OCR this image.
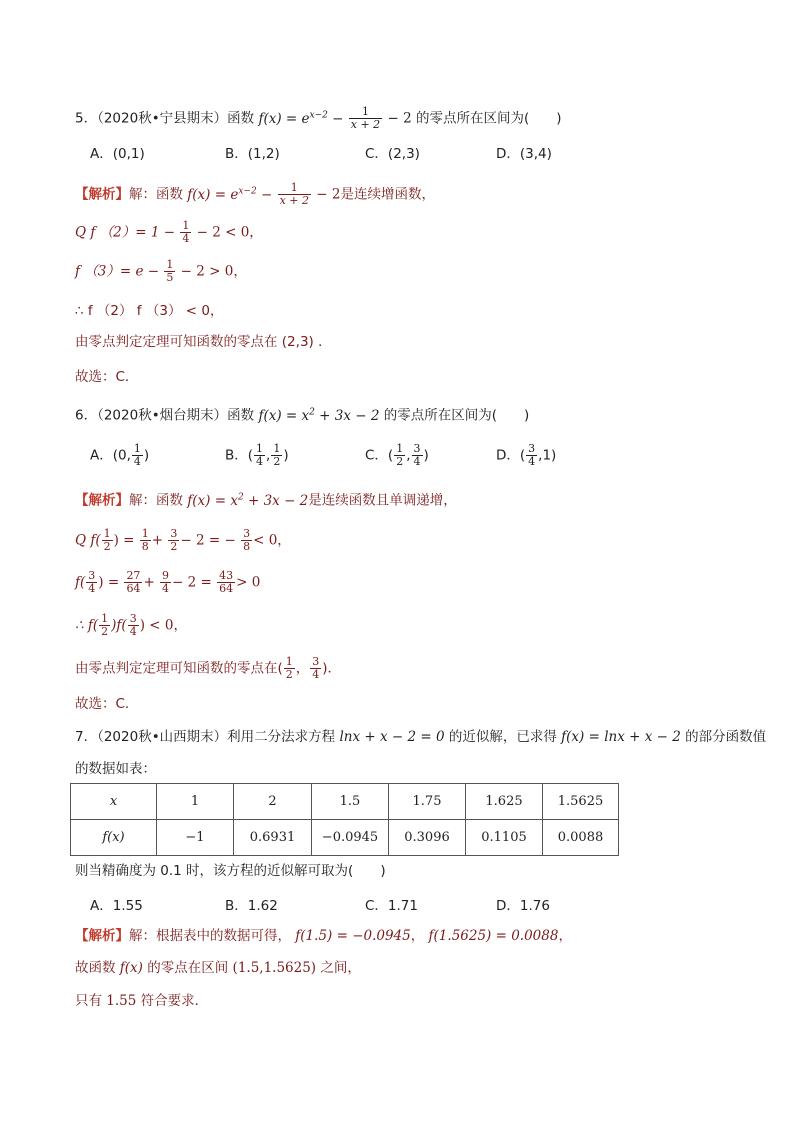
5．（2020秋•宁县期末）函数 $f(x) = e^{x-2} - \frac{1}{x + 2} - 2$ 的零点所在区间为(　　)
A．(0,1)	B．(1,2)	C．(2,3)	D．(3,4)
【解析】解：函数 $f(x) = e^{x-2} - \frac{1}{x + 2} - 2$是连续增函数，
Q f $(2)= 1 - \frac{1}{4} - 2 < 0$，
f $(3)= e - \frac{1}{5} - 2 > 0$，
∴ f （2） f （3） < 0，
由零点判定定理可知函数的零点在 (2,3) ．
故选：C．
6．（2020秋•烟台期末）函数 $f(x) = x^2 + 3x - 2$ 的零点所在区间为(　　)
A．(0, $\frac{1}{4}$ )	B．( $\frac{1}{4}$ , $\frac{1}{2}$ )	C．( $\frac{1}{2}$ , $\frac{3}{4}$ )	D．( $\frac{3}{4} ,1$)
【解析】解：函数 $f(x) = x^2 + 3x - 2$是连续函数且单调递增，
Q $f( \frac{1}{2}$ ) = $\frac{1}{8} + \frac{3}{2} - 2$ = − $\frac{3}{8} < 0$，
$f( \frac{3}{4}$ ) = $\frac{27}{64} + \frac{9}{4} - 2 = \frac{43}{64} > 0$
∴ $f( \frac{1}{2} )f( \frac{3}{4}$ ) < 0，
由零点判定定理可知函数的零点在( $\frac{1}{2}$ ， $\frac{3}{4}$ )．
故选：C．
7．（2020秋•山西期末）利用二分法求方程 lnx + x − 2 = 0 的近似解，已求得 f(x) = lnx + x − 2 的部分函数值
的数据如表：
x	1	2	1.5	1.75	1.625	1.5625
f(x)	−1	0.6931	−0.0945	0.3096	0.1105	0.0088
则当精确度为 0.1 时，该方程的近似解可取为(　　)
A．1.55	B．1.62	C．1.71	D．1.76
【解析】解：根据表中的数据可得， f(1.5) = −0.0945， f(1.5625) = 0.0088，
故函数 f(x) 的零点在区间 (1.5,1.5625) 之间，
只有 1.55 符合要求．
